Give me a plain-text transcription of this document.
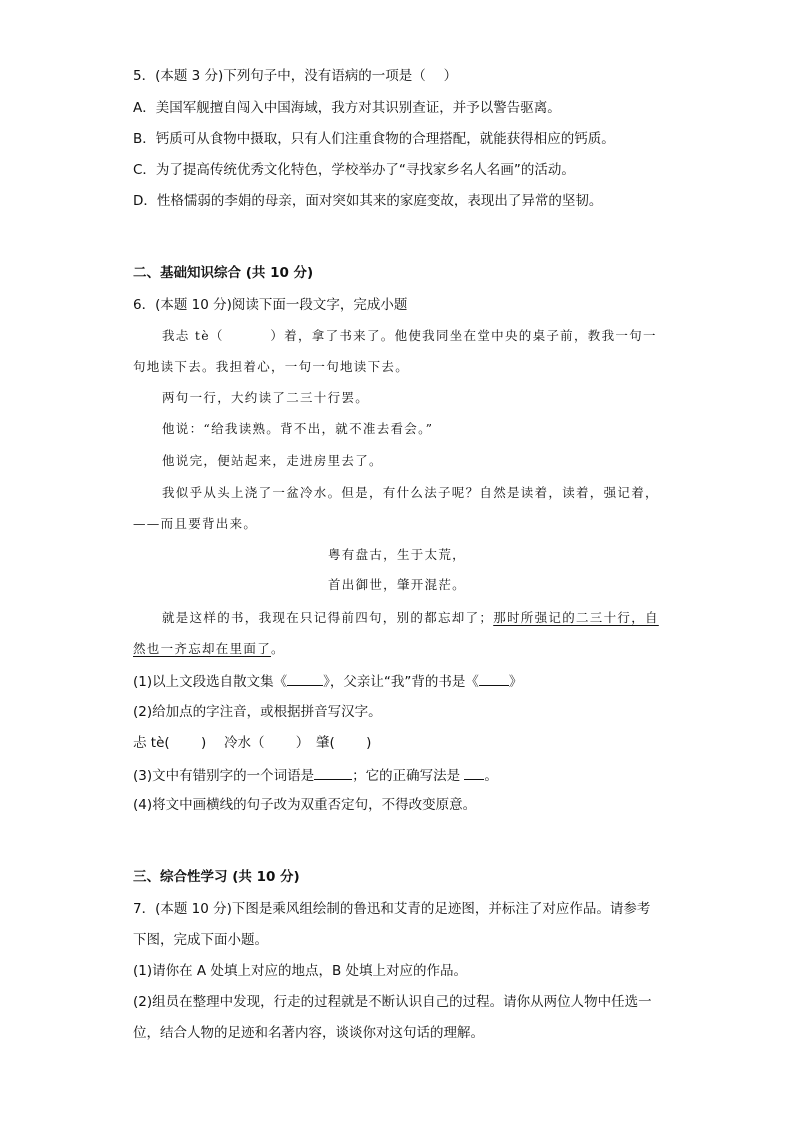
5．(本题 3 分)下列句子中，没有语病的一项是（　 ）
A．美国军舰擅自闯入中国海域，我方对其识别查证，并予以警告驱离。
B．钙质可从食物中摄取，只有人们注重食物的合理搭配，就能获得相应的钙质。
C．为了提高传统优秀文化特色，学校举办了“寻找家乡名人名画”的活动。
D．性格懦弱的李娟的母亲，面对突如其来的家庭变故，表现出了异常的坚韧。
二、基础知识综合 (共 10 分)
6．(本题 10 分)阅读下面一段文字，完成小题
我忐 tè（　　　 ）着，拿了书来了。他使我同坐在堂中央的桌子前，教我一句一
句地读下去。我担着心，一句一句地读下去。
两句一行，大约读了二三十行罢。
他说：“给我读熟。背不出，就不准去看会。”
他说完，便站起来，走进房里去了。
我似乎从头上浇了一盆冷水。但是，有什么法子呢？自然是读着，读着，强记着，
——而且要背出来。
粤有盘古，生于太荒，
首出御世，肇开混茫。
就是这样的书，我现在只记得前四句，别的都忘却了；那时所强记的二三十行，自
然也一齐忘却在里面了。
(1)以上文段选自散文集《	》，父亲让“我”背的书是《 》
(2)给加点的字注音，或根据拼音写汉字。
忐 tè(　　 )　 冷水（　　 ）　肇(　　 )
(3)文中有错别字的一个词语是	；它的正确写法是 。
(4)将文中画横线的句子改为双重否定句，不得改变原意。
三、综合性学习 (共 10 分)
7．(本题 10 分)下图是乘风组绘制的鲁迅和艾青的足迹图，并标注了对应作品。请参考
下图，完成下面小题。
(1)请你在 A 处填上对应的地点，B 处填上对应的作品。
(2)组员在整理中发现，行走的过程就是不断认识自己的过程。请你从两位人物中任选一
位，结合人物的足迹和名著内容，谈谈你对这句话的理解。
